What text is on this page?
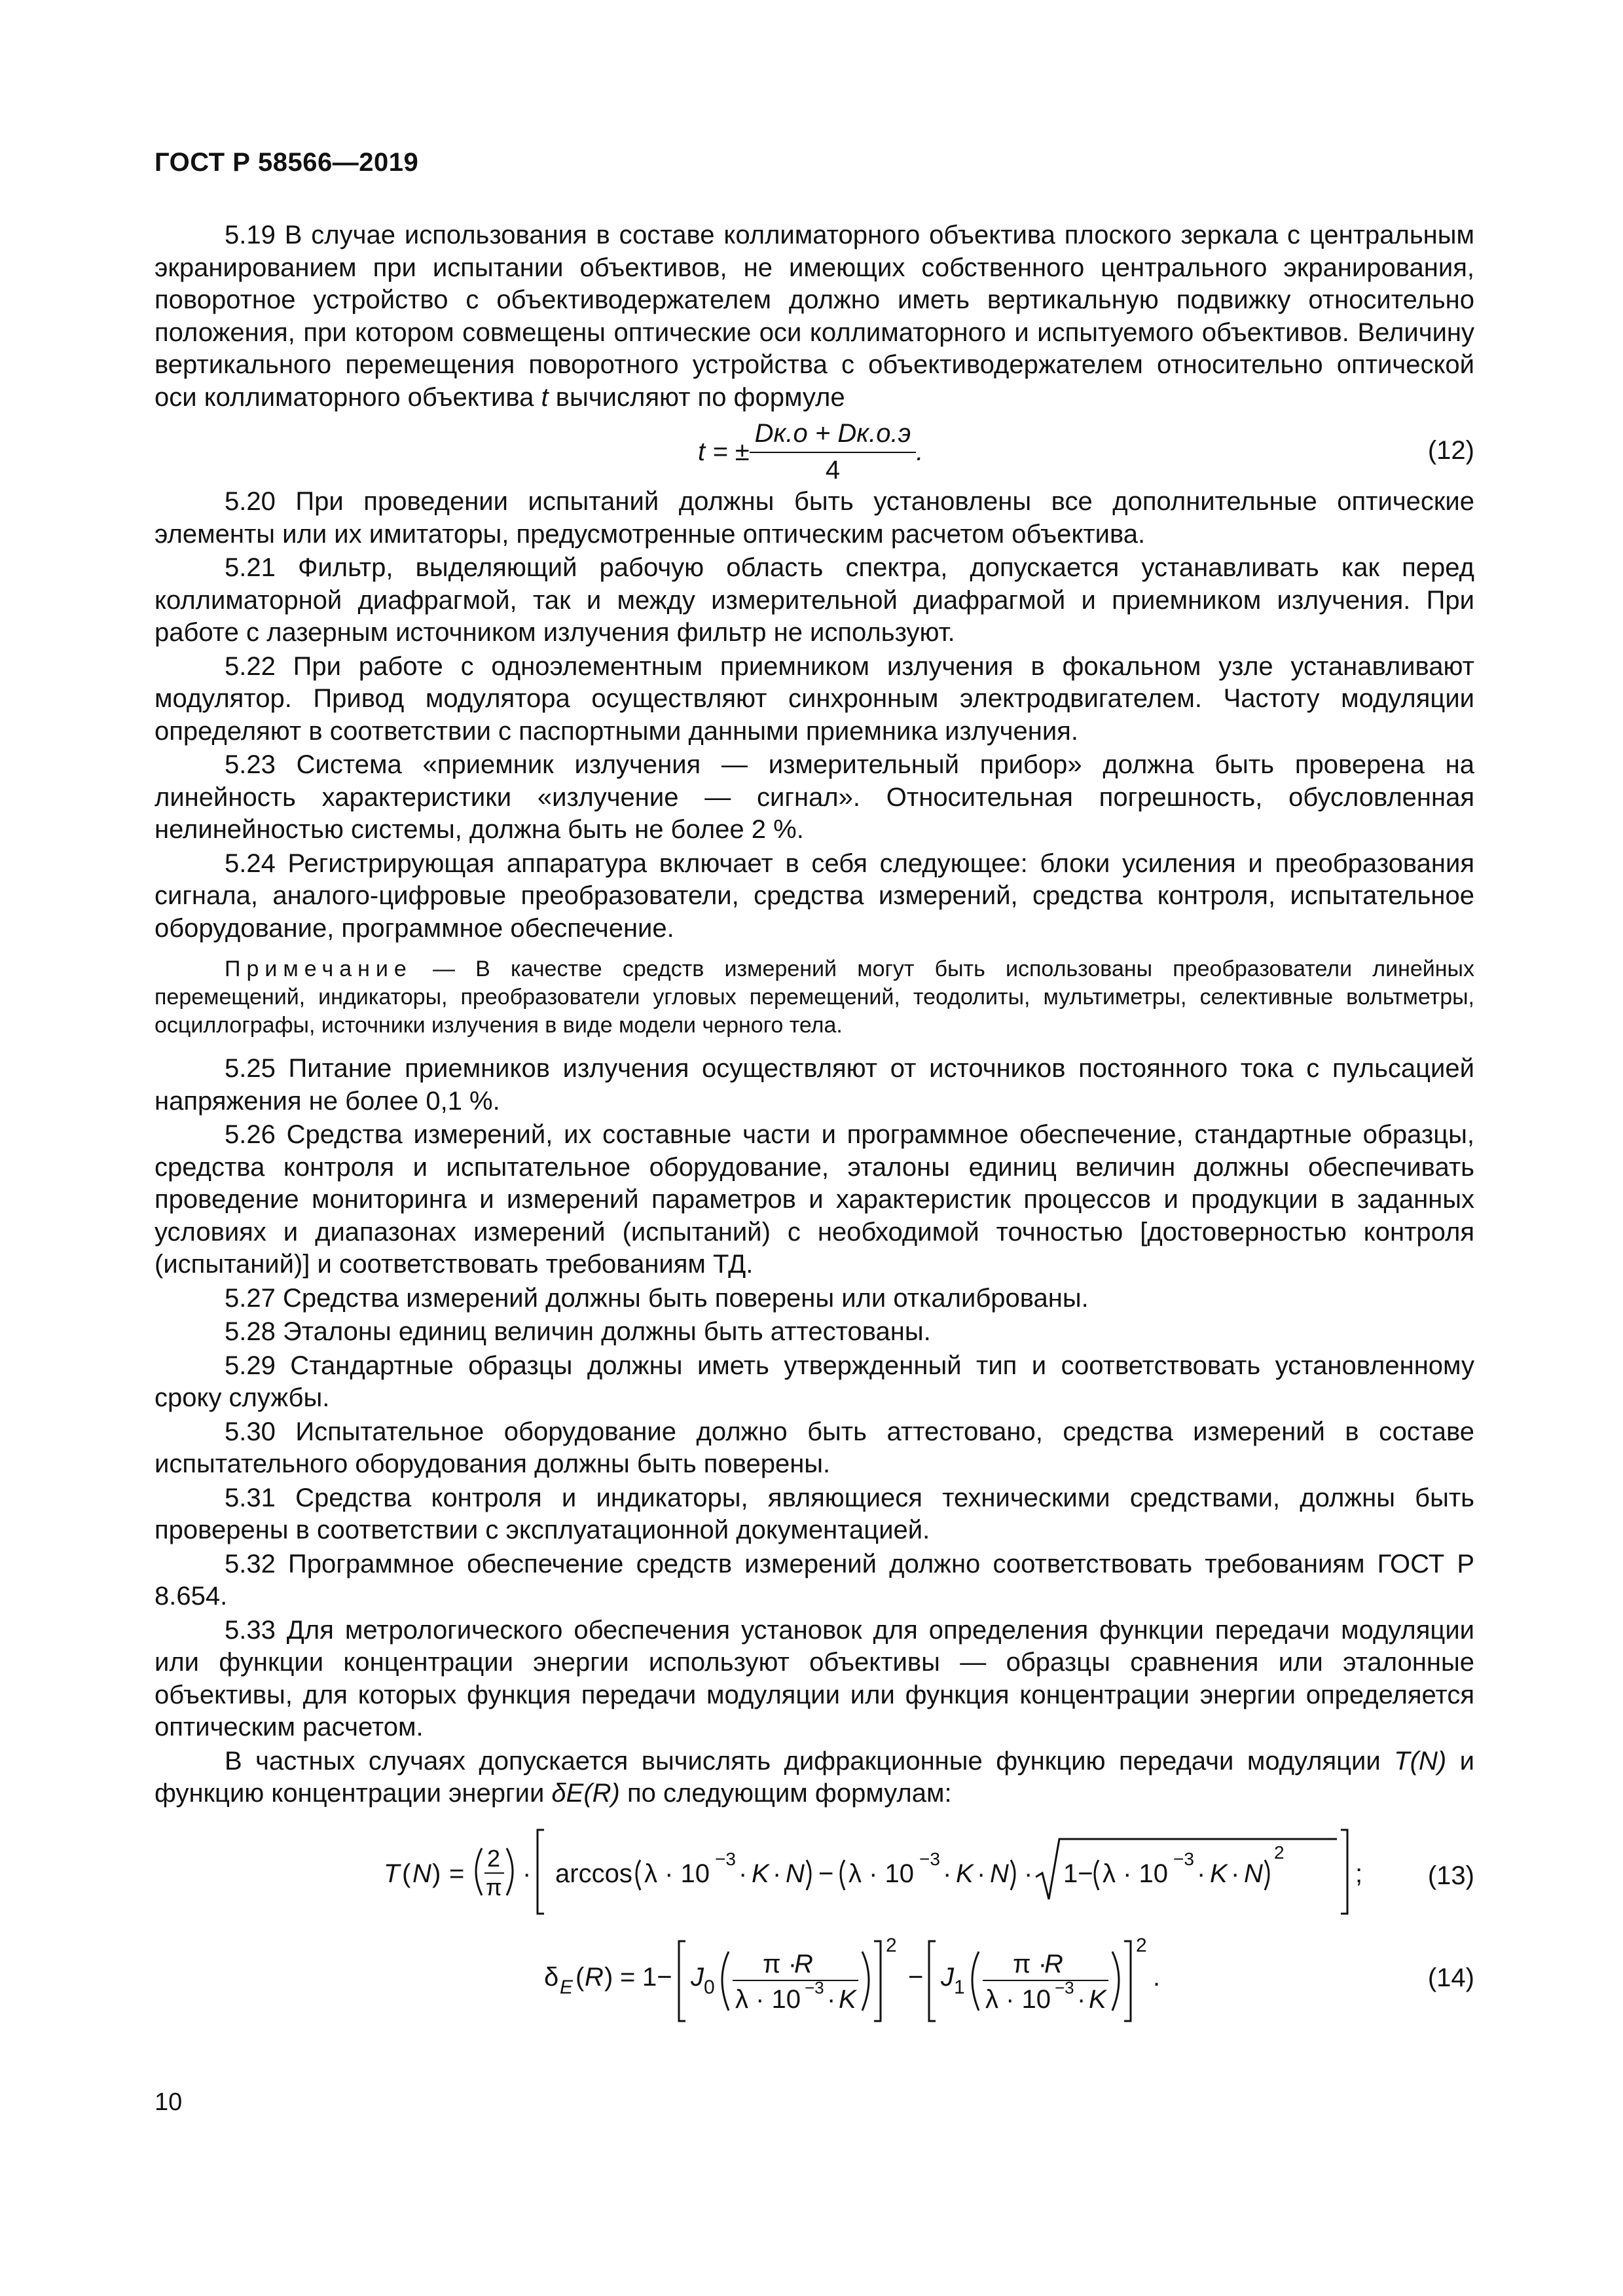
ГОСТ Р 58566—2019

5.19 В случае использования в составе коллиматорного объектива плоского зеркала с центральным экранированием при испытании объективов, не имеющих собственного центрального экранирования, поворотное устройство с объективодержателем должно иметь вертикальную подвижку относительно положения, при котором совмещены оптические оси коллиматорного и испытуемого объективов. Величину вертикального перемещения поворотного устройства с объективодержателем относительно оптической оси коллиматорного объектива t вычисляют по формуле

t = ± $\frac{Dк.о + Dк.о.э}{4}$ .	(12)

5.20 При проведении испытаний должны быть установлены все дополнительные оптические элементы или их имитаторы, предусмотренные оптическим расчетом объектива.

5.21 Фильтр, выделяющий рабочую область спектра, допускается устанавливать как перед коллиматорной диафрагмой, так и между измерительной диафрагмой и приемником излучения. При работе с лазерным источником излучения фильтр не используют.

5.22 При работе с одноэлементным приемником излучения в фокальном узле устанавливают модулятор. Привод модулятора осуществляют синхронным электродвигателем. Частоту модуляции определяют в соответствии с паспортными данными приемника излучения.

5.23 Система «приемник излучения — измерительный прибор» должна быть проверена на линейность характеристики «излучение — сигнал». Относительная погрешность, обусловленная нелинейностью системы, должна быть не более 2 %.

5.24 Регистрирующая аппаратура включает в себя следующее: блоки усиления и преобразования сигнала, аналого-цифровые преобразователи, средства измерений, средства контроля, испытательное оборудование, программное обеспечение.

Примечание — В качестве средств измерений могут быть использованы преобразователи линейных перемещений, индикаторы, преобразователи угловых перемещений, теодолиты, мультиметры, селективные вольтметры, осциллографы, источники излучения в виде модели черного тела.

5.25 Питание приемников излучения осуществляют от источников постоянного тока с пульсацией напряжения не более 0,1 %.

5.26 Средства измерений, их составные части и программное обеспечение, стандартные образцы, средства контроля и испытательное оборудование, эталоны единиц величин должны обеспечивать проведение мониторинга и измерений параметров и характеристик процессов и продукции в заданных условиях и диапазонах измерений (испытаний) с необходимой точностью [достоверностью контроля (испытаний)] и соответствовать требованиям ТД.

5.27 Средства измерений должны быть поверены или откалиброваны.

5.28 Эталоны единиц величин должны быть аттестованы.

5.29 Стандартные образцы должны иметь утвержденный тип и соответствовать установленному сроку службы.

5.30 Испытательное оборудование должно быть аттестовано, средства измерений в составе испытательного оборудования должны быть поверены.

5.31 Средства контроля и индикаторы, являющиеся техническими средствами, должны быть проверены в соответствии с эксплуатационной документацией.

5.32 Программное обеспечение средств измерений должно соответствовать требованиям ГОСТ Р 8.654.

5.33 Для метрологического обеспечения установок для определения функции передачи модуляции или функции концентрации энергии используют объективы — образцы сравнения или эталонные объективы, для которых функция передачи модуляции или функция концентрации энергии определяется оптическим расчетом.

В частных случаях допускается вычислять дифракционные функцию передачи модуляции T(N) и функцию концентрации энергии δE(R) по следующим формулам:

T ( N ) =
2
π · arccos λ · 10
−3
· K · N − λ · 10
−3
· K · N · 1− λ · 10
−3
· K · N
2
; (13)
δ E ( R ) = 1− J 0
π ·
R
λ · 10 −3 · K
2
− J 1
π ·
R
λ · 10 −3 · K
2
.	(14)
10
